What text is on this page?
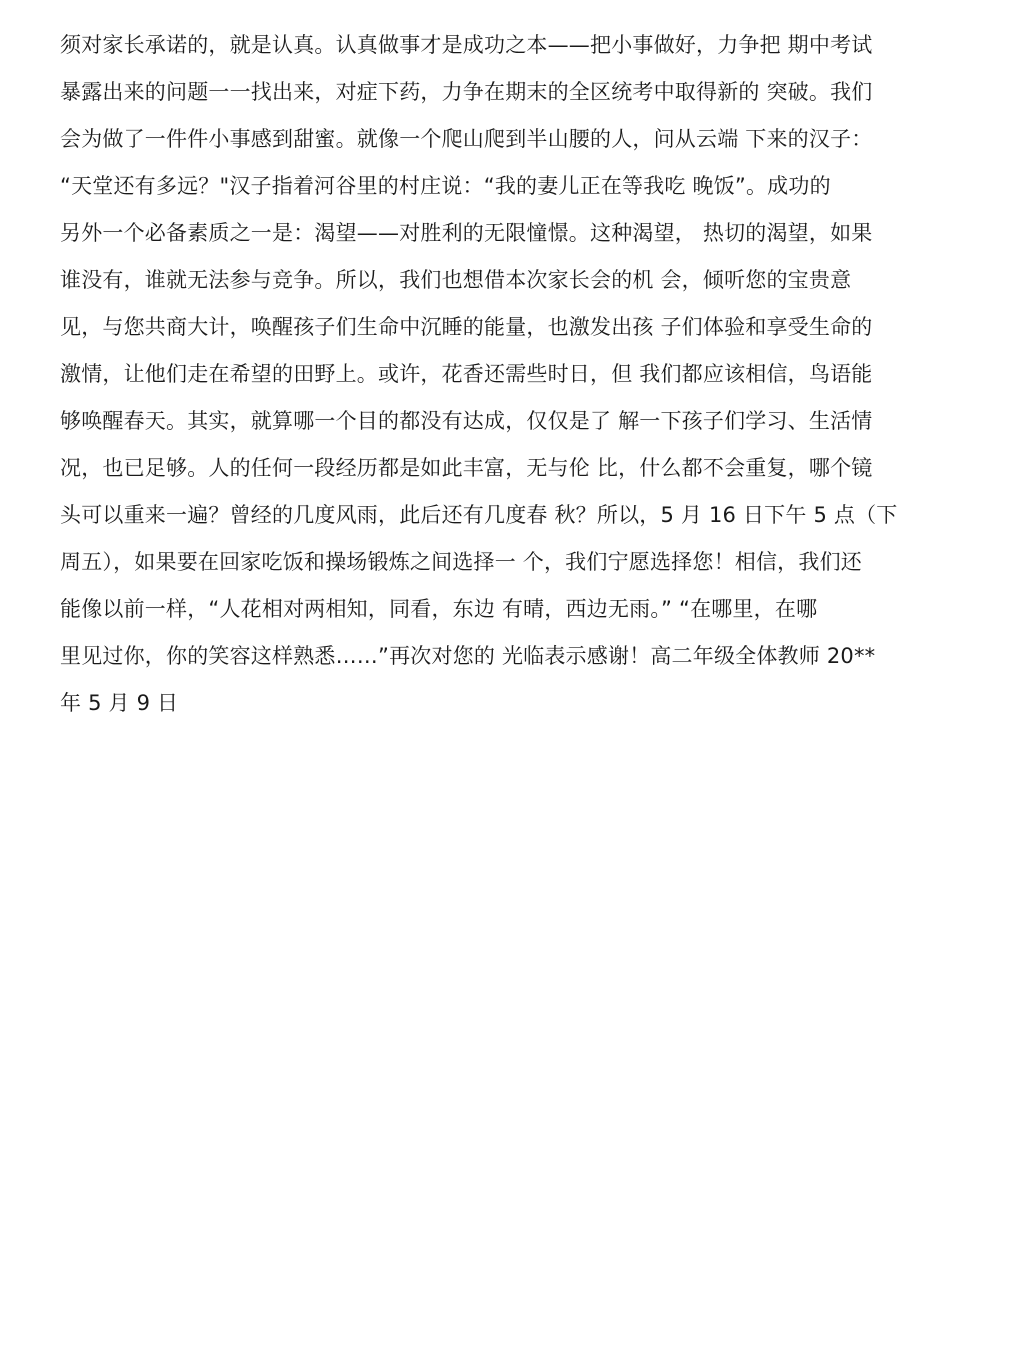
须对家长承诺的，就是认真。认真做事才是成功之本——把小事做好，力争把 期中考试
暴露出来的问题一一找出来，对症下药，力争在期末的全区统考中取得新的 突破。我们
会为做了一件件小事感到甜蜜。就像一个爬山爬到半山腰的人，问从云端 下来的汉子：
“天堂还有多远？"汉子指着河谷里的村庄说：“我的妻儿正在等我吃 晚饭”。成功的
另外一个必备素质之一是：渴望——对胜利的无限憧憬。这种渴望， 热切的渴望，如果
谁没有，谁就无法参与竞争。所以，我们也想借本次家长会的机 会，倾听您的宝贵意
见，与您共商大计，唤醒孩子们生命中沉睡的能量，也激发出孩 子们体验和享受生命的
激情，让他们走在希望的田野上。或许，花香还需些时日，但 我们都应该相信，鸟语能
够唤醒春天。其实，就算哪一个目的都没有达成，仅仅是了 解一下孩子们学习、生活情
况，也已足够。人的任何一段经历都是如此丰富，无与伦 比，什么都不会重复，哪个镜
头可以重来一遍？曾经的几度风雨，此后还有几度春 秋？所以，5 月 16 日下午 5 点（下
周五），如果要在回家吃饭和操场锻炼之间选择一 个，我们宁愿选择您！相信，我们还
能像以前一样，“人花相对两相知，同看，东边 有晴，西边无雨。” “在哪里，在哪
里见过你，你的笑容这样熟悉……”再次对您的 光临表示感谢！高二年级全体教师 20**
年 5 月 9 日
